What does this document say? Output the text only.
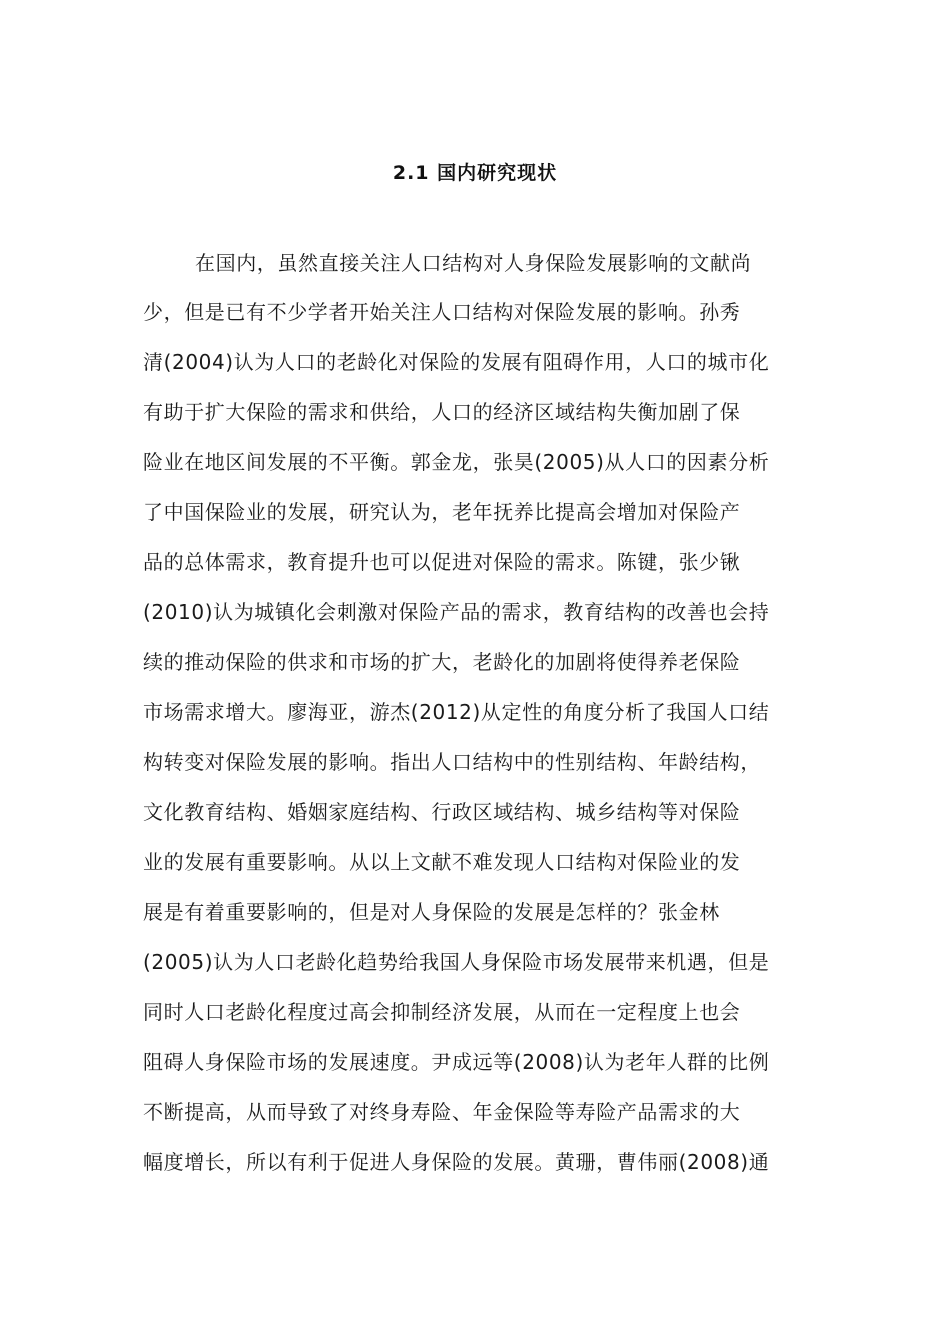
2.1 国内研究现状
在国内，虽然直接关注人口结构对人身保险发展影响的文献尚
少，但是已有不少学者开始关注人口结构对保险发展的影响。孙秀
清(2004)认为人口的老龄化对保险的发展有阻碍作用，人口的城市化
有助于扩大保险的需求和供给，人口的经济区域结构失衡加剧了保
险业在地区间发展的不平衡。郭金龙，张昊(2005)从人口的因素分析
了中国保险业的发展，研究认为，老年抚养比提高会增加对保险产
品的总体需求，教育提升也可以促进对保险的需求。陈键，张少锹
(2010)认为城镇化会刺激对保险产品的需求，教育结构的改善也会持
续的推动保险的供求和市场的扩大，老龄化的加剧将使得养老保险
市场需求增大。廖海亚，游杰(2012)从定性的角度分析了我国人口结
构转变对保险发展的影响。指出人口结构中的性别结构、年龄结构，
文化教育结构、婚姻家庭结构、行政区域结构、城乡结构等对保险
业的发展有重要影响。从以上文献不难发现人口结构对保险业的发
展是有着重要影响的，但是对人身保险的发展是怎样的？张金林
(2005)认为人口老龄化趋势给我国人身保险市场发展带来机遇，但是
同时人口老龄化程度过高会抑制经济发展，从而在一定程度上也会
阻碍人身保险市场的发展速度。尹成远等(2008)认为老年人群的比例
不断提高，从而导致了对终身寿险、年金保险等寿险产品需求的大
幅度增长，所以有利于促进人身保险的发展。黄珊，曹伟丽(2008)通
